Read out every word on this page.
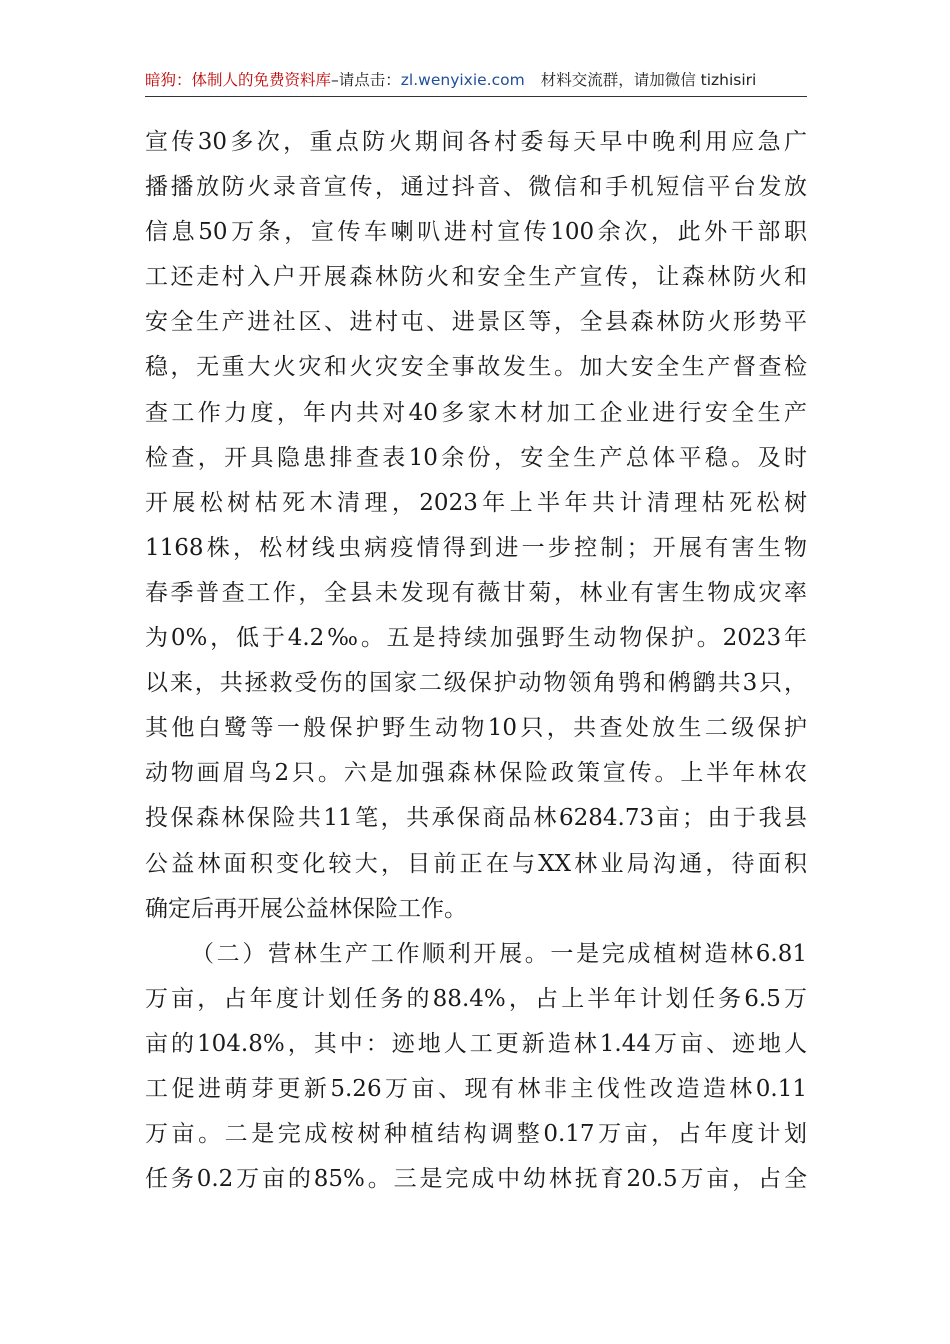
暗狗：体制人的免费资料库–请点击：zl.wenyixie.com 材料交流群，请加微信 tizhisiri
宣传30多次，重点防火期间各村委每天早中晚利用应急广
播播放防火录音宣传，通过抖音、微信和手机短信平台发放
信息50万条，宣传车喇叭进村宣传100余次，此外干部职
工还走村入户开展森林防火和安全生产宣传，让森林防火和
安全生产进社区、进村屯、进景区等，全县森林防火形势平
稳，无重大火灾和火灾安全事故发生。加大安全生产督查检
查工作力度，年内共对40多家木材加工企业进行安全生产
检查，开具隐患排查表10余份，安全生产总体平稳。及时
开展松树枯死木清理，2023年上半年共计清理枯死松树
1168株，松材线虫病疫情得到进一步控制；开展有害生物
春季普查工作，全县未发现有薇甘菊，林业有害生物成灾率
为0%，低于4.2‰。五是持续加强野生动物保护。2023年
以来，共拯救受伤的国家二级保护动物领角鸮和鸺鹠共3只，
其他白鹭等一般保护野生动物10只，共查处放生二级保护
动物画眉鸟2只。六是加强森林保险政策宣传。上半年林农
投保森林保险共11笔，共承保商品林6284.73亩；由于我县
公益林面积变化较大，目前正在与XX林业局沟通，待面积
确定后再开展公益林保险工作。
（二）营林生产工作顺利开展。一是完成植树造林6.81
万亩，占年度计划任务的88.4%，占上半年计划任务6.5万
亩的104.8%，其中：迹地人工更新造林1.44万亩、迹地人
工促进萌芽更新5.26万亩、现有林非主伐性改造造林0.11
万亩。二是完成桉树种植结构调整0.17万亩，占年度计划
任务0.2万亩的85%。三是完成中幼林抚育20.5万亩，占全
